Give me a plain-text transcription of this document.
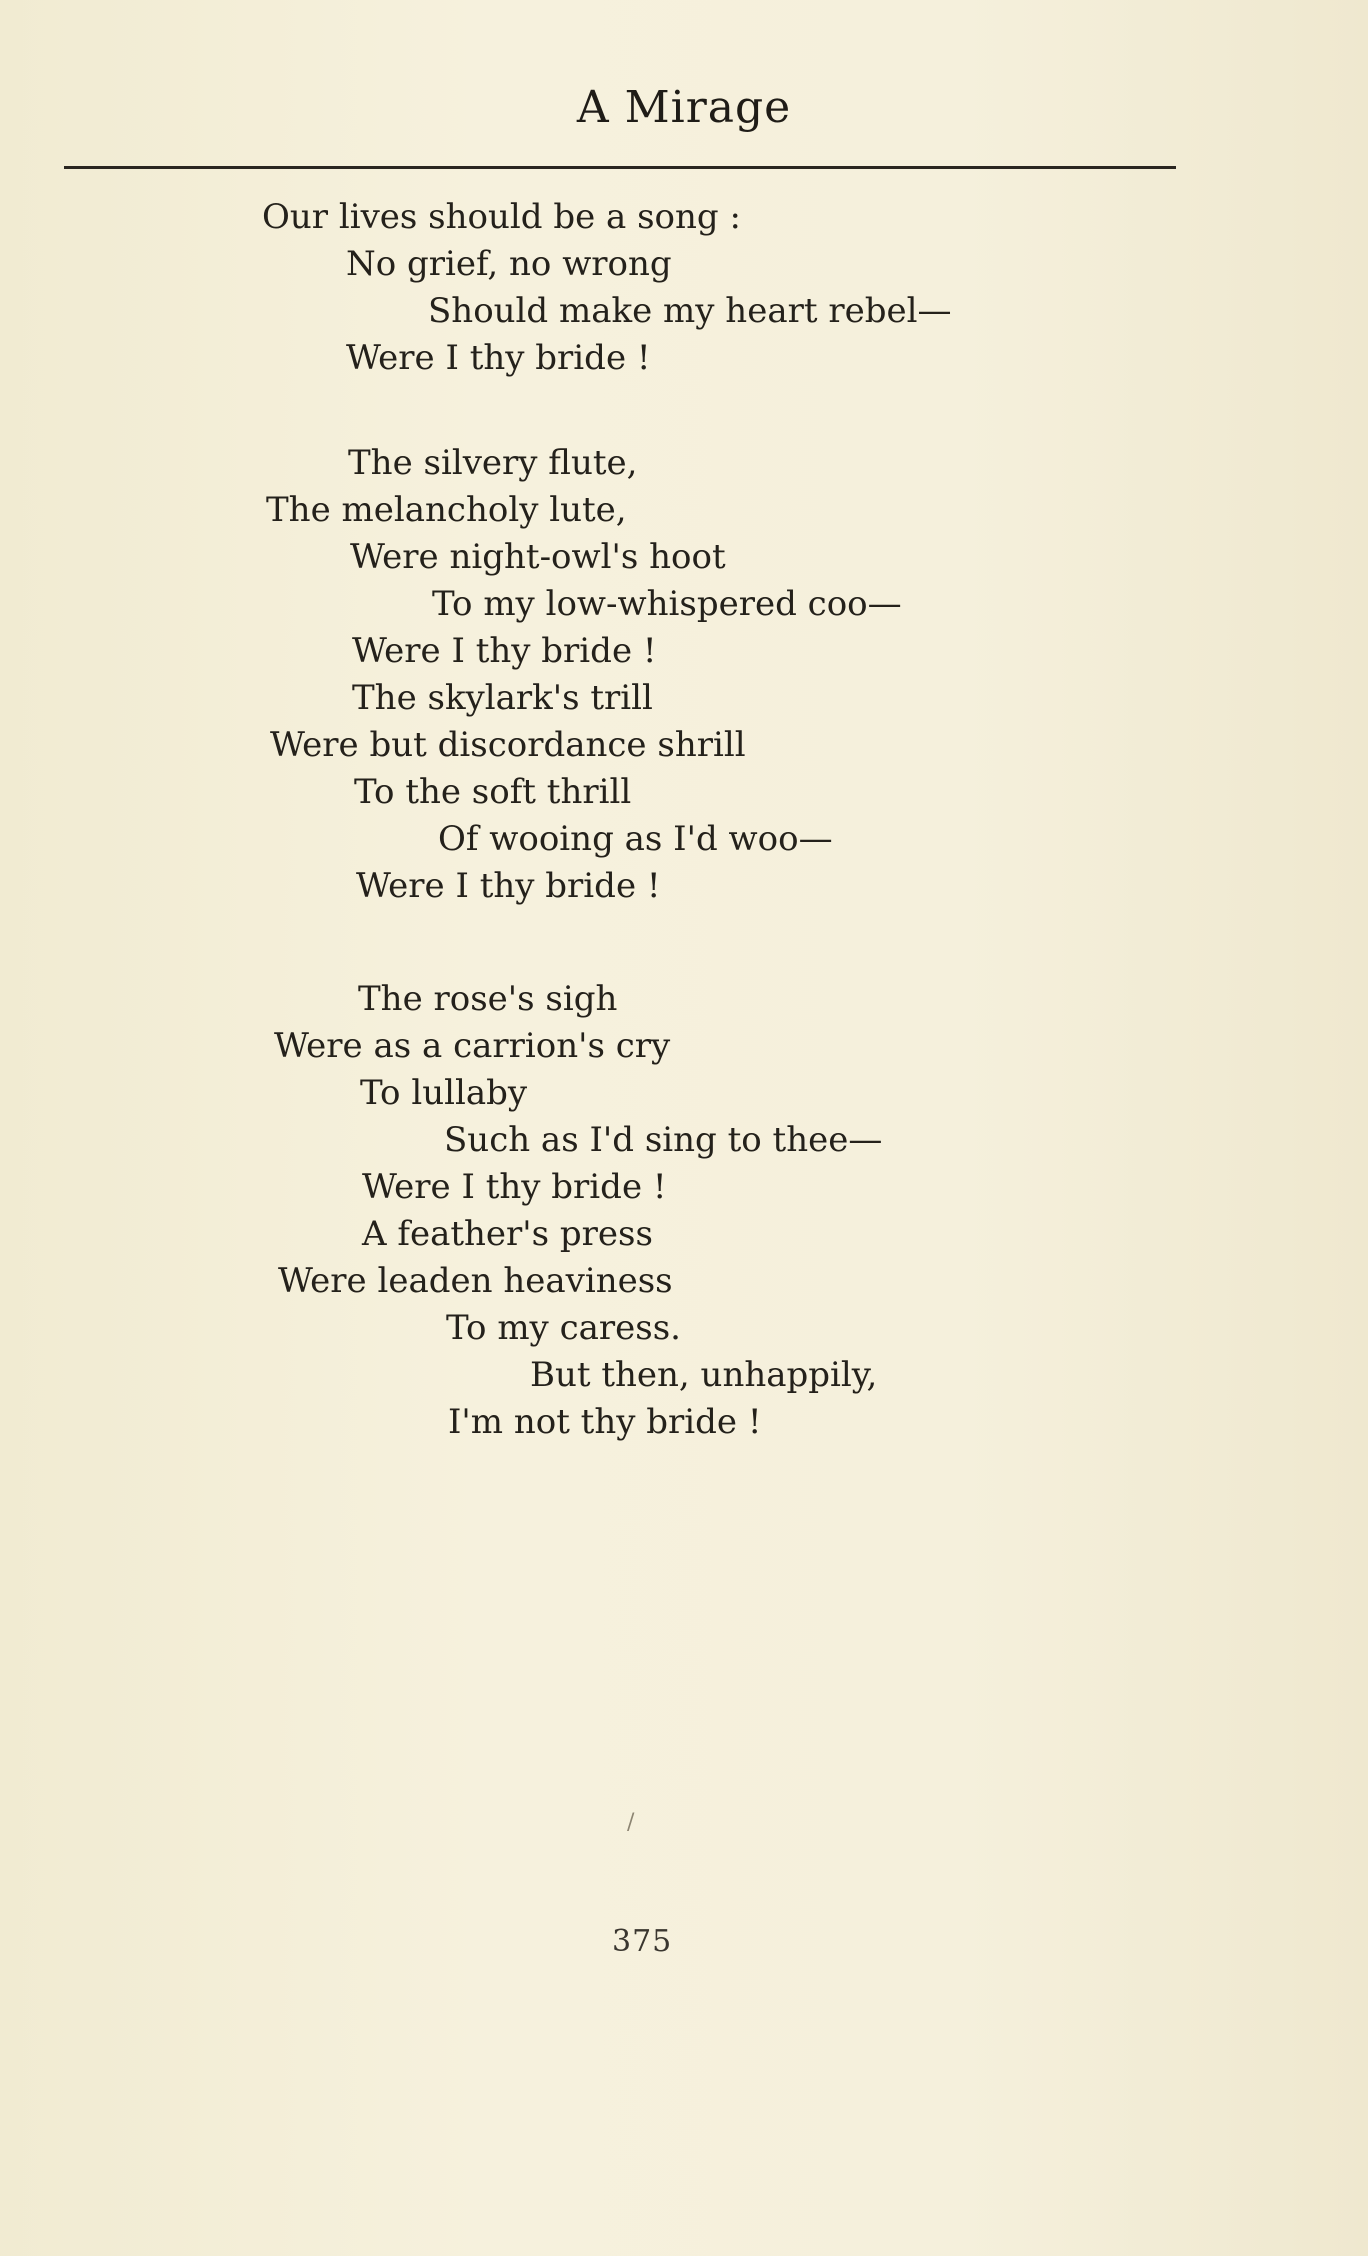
A Mirage
Our lives should be a song :
No grief, no wrong
Should make my heart rebel—
Were I thy bride !
The silvery flute,
The melancholy lute,
Were night-owl's hoot
To my low-whispered coo—
Were I thy bride !
The skylark's trill
Were but discordance shrill
To the soft thrill
Of wooing as I'd woo—
Were I thy bride !
The rose's sigh
Were as a carrion's cry
To lullaby
Such as I'd sing to thee—
Were I thy bride !
A feather's press
Were leaden heaviness
To my caress.
But then, unhappily,
I'm not thy bride !
/
375
